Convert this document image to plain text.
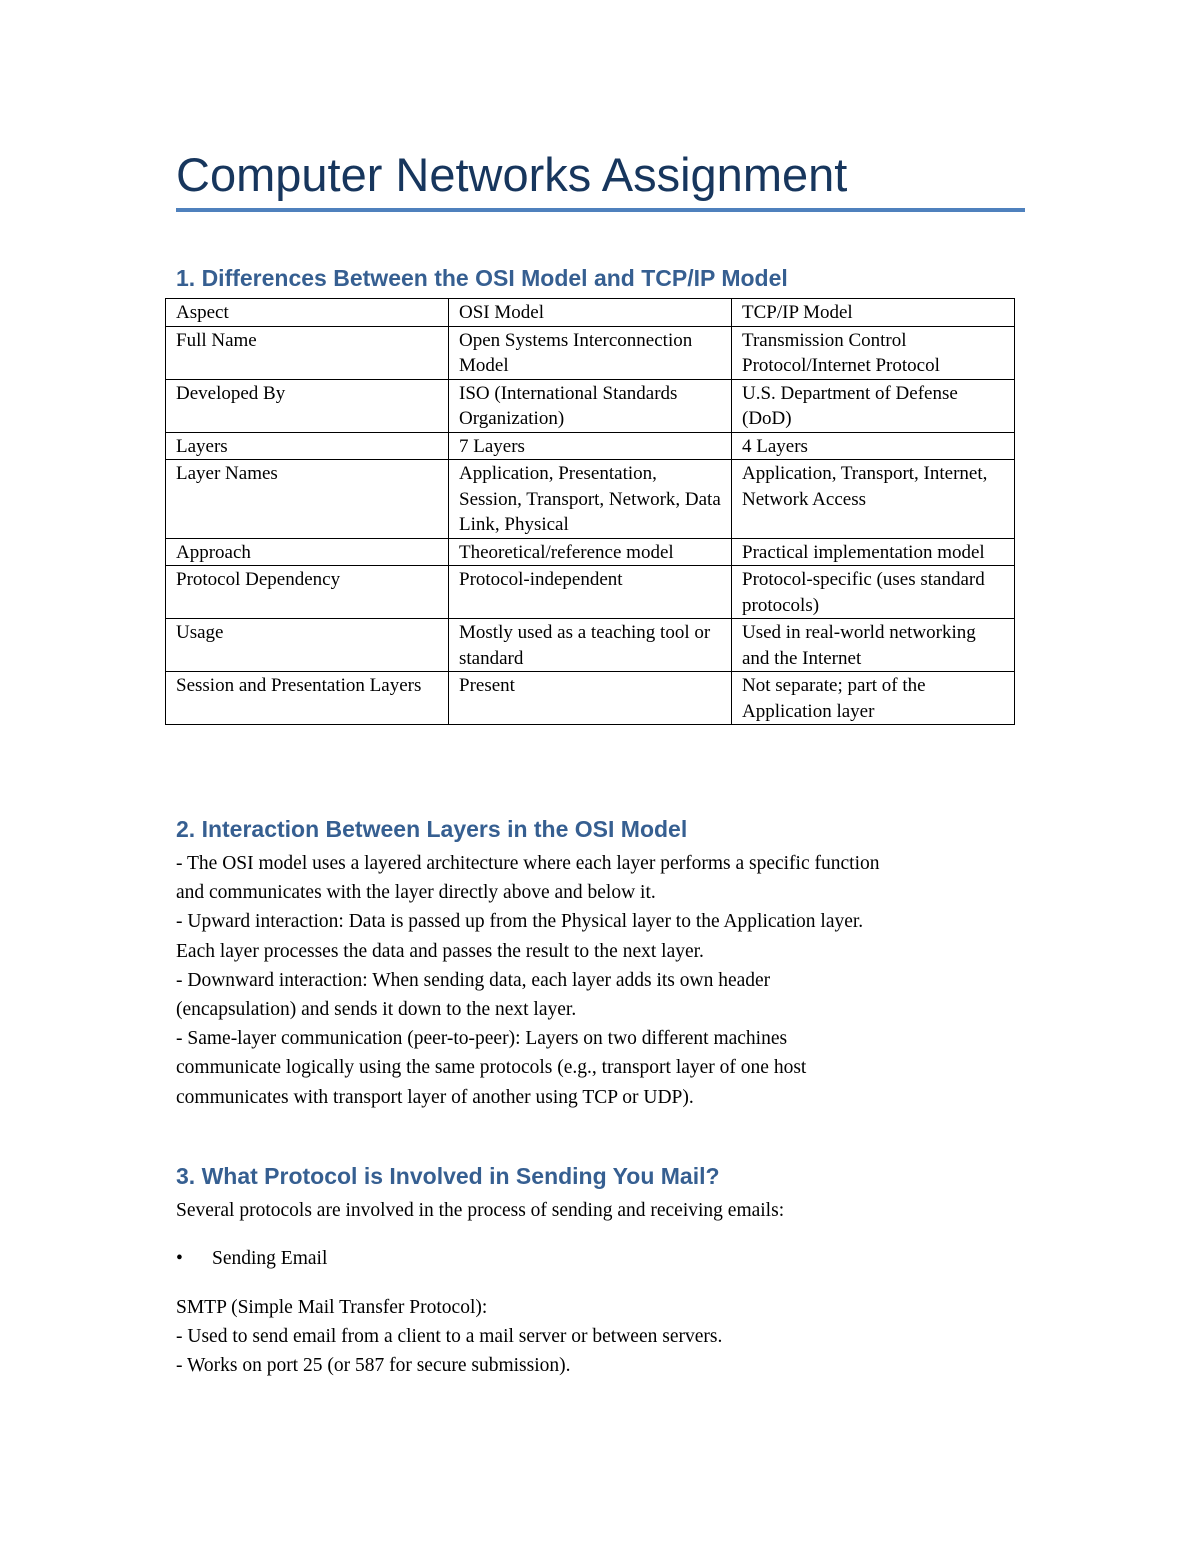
Computer Networks Assignment
1. Differences Between the OSI Model and TCP/IP Model
Aspect	OSI Model	TCP/IP Model
Full Name	Open Systems Interconnection Model	Transmission Control Protocol/Internet Protocol
Developed By	ISO (International Standards Organization)	U.S. Department of Defense (DoD)
Layers	7 Layers	4 Layers
Layer Names	Application, Presentation, Session, Transport, Network, Data Link, Physical	Application, Transport, Internet, Network Access
Approach	Theoretical/reference model	Practical implementation model
Protocol Dependency	Protocol-independent	Protocol-specific (uses standard protocols)
Usage	Mostly used as a teaching tool or standard	Used in real-world networking and the Internet
Session and Presentation Layers	Present	Not separate; part of the Application layer
2. Interaction Between Layers in the OSI Model
- The OSI model uses a layered architecture where each layer performs a specific function
and communicates with the layer directly above and below it.
- Upward interaction: Data is passed up from the Physical layer to the Application layer.
Each layer processes the data and passes the result to the next layer.
- Downward interaction: When sending data, each layer adds its own header
(encapsulation) and sends it down to the next layer.
- Same-layer communication (peer-to-peer): Layers on two different machines
communicate logically using the same protocols (e.g., transport layer of one host
communicates with transport layer of another using TCP or UDP).
3. What Protocol is Involved in Sending You Mail?
Several protocols are involved in the process of sending and receiving emails:
• Sending Email
SMTP (Simple Mail Transfer Protocol):
- Used to send email from a client to a mail server or between servers.
- Works on port 25 (or 587 for secure submission).
